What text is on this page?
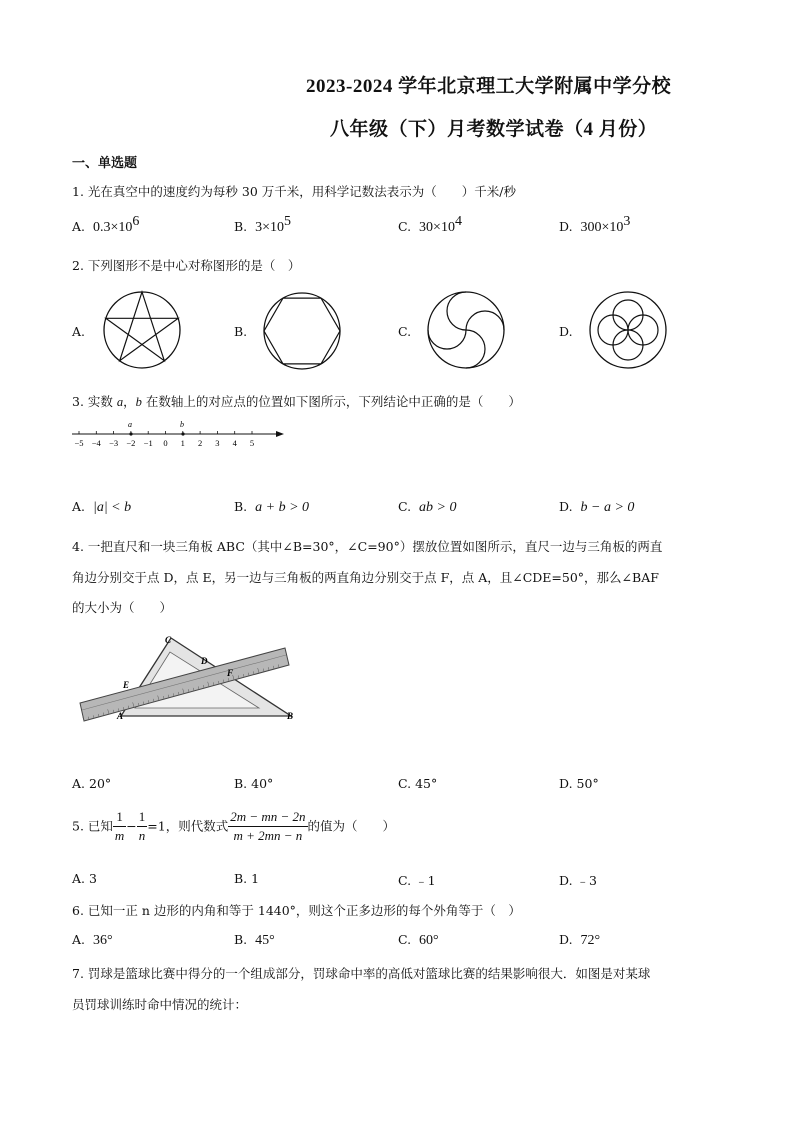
2023-2024 学年北京理工大学附属中学分校
八年级（下）月考数学试卷（4 月份）
一、单选题
1. 光在真空中的速度约为每秒 30 万千米，用科学记数法表示为（　　）千米/秒
A. $0.3\times 10^6$	B. $3\times 10^5$	C. $30\times 10^4$	D. $300\times 10^3$
2. 下列图形不是中心对称图形的是（　）
A.	B.	C.	D.
3. 实数 a，b 在数轴上的对应点的位置如下图所示，下列结论中正确的是（　　）
−5 −4 −3 −2 −1 0 1 2 3 4 5
a	b
A. |a| < b	B. a + b > 0	C. ab > 0	D. b − a > 0
4. 一把直尺和一块三角板 ABC（其中∠B=30°，∠C=90°）摆放位置如图所示，直尺一边与三角板的两直
角边分别交于点 D，点 E，另一边与三角板的两直角边分别交于点 F，点 A，且∠CDE=50°，那么∠BAF
的大小为（　　）
C
D
E
F
A	B
A. 20°	B. 40°	C. 45°	D. 50°
5. 已知 $\frac{1}{m} - \frac{1}{n} =1$，则代数式 $\frac{2m - mn - 2n}{m + 2mn - n}$ 的值为（　　）
A. 3	B. 1	C. ﹣1	D. ﹣3
6. 已知一正 n 边形的内角和等于 1440°，则这个正多边形的每个外角等于（　）
A. 36°	B. 45°	C. 60°	D. 72°
7. 罚球是篮球比赛中得分的一个组成部分，罚球命中率的高低对篮球比赛的结果影响很大．如图是对某球
员罚球训练时命中情况的统计：
